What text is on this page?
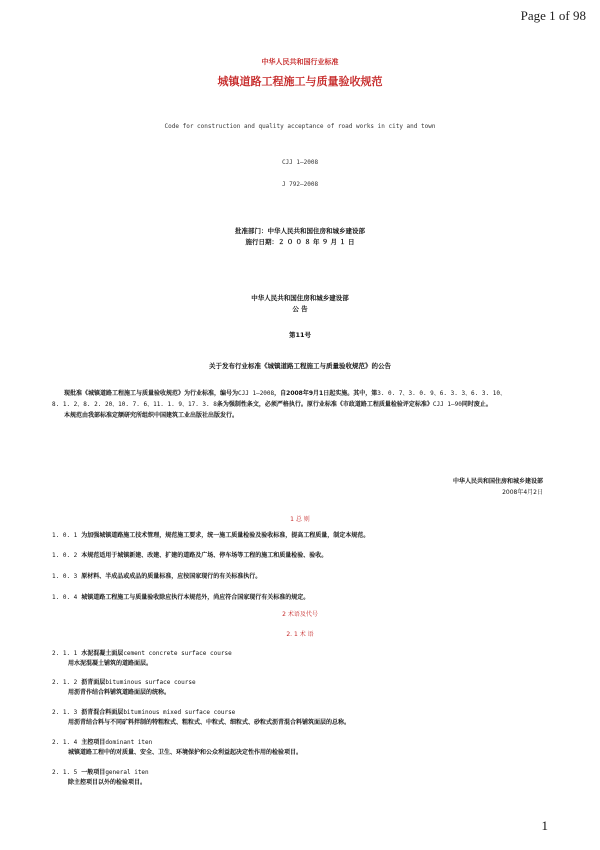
Page 1 of 98
中华人民共和国行业标准
城镇道路工程施工与质量验收规范
Code for construction and quality acceptance of road works in city and town
CJJ 1—2008
J 792—2008
批准部门：中华人民共和国住房和城乡建设部
施行日期：２ ０ ０ ８ 年 ９ 月 １ 日
中华人民共和国住房和城乡建设部
公 告
第11号
关于发布行业标准《城镇道路工程施工与质量验收规范》的公告
现批准《城镇道路工程施工与质量验收规范》为行业标准，编号为CJJ 1—2008，自2008年9月1日起实施。其中，第3. 0. 7、3. 0. 9、6. 3. 3、6. 3. 10、
8. 1. 2、8. 2. 20、10. 7. 6、11. 1. 9、17. 3. 8条为强制性条文，必须严格执行。原行业标准《市政道路工程质量检验评定标准》CJJ 1—90同时废止。
本规范由我部标准定额研究所组织中国建筑工业出版社出版发行。
中华人民共和国住房和城乡建设部
2008年4月2日
1 总 则
1. 0. 1 为加强城镇道路施工技术管理，规范施工要求，统一施工质量检验及验收标准，提高工程质量，制定本规范。
1. 0. 2 本规范适用于城镇新建、改建、扩建的道路及广场、停车场等工程的施工和质量检验、验收。
1. 0. 3 原材料、半成品或成品的质量标准，应按国家现行的有关标准执行。
1. 0. 4 城镇道路工程施工与质量验收除应执行本规范外，尚应符合国家现行有关标准的规定。
2 术语及代号
2. 1 术 语
2. 1. 1 水泥混凝土面层cement concrete surface course
用水泥混凝土铺筑的道路面层。
2. 1. 2 沥青面层bituminous surface course
用沥青作结合料铺筑道路面层的统称。
2. 1. 3 沥青混合料面层bituminous mixed surface course
用沥青结合料与不同矿料拌制的特粗粒式、粗粒式、中粒式、细粒式、砂粒式沥青混合料铺筑面层的总称。
2. 1. 4 主控项目dominant iten
城镇道路工程中的对质量、安全、卫生、环境保护和公众利益起决定性作用的检验项目。
2. 1. 5 一般项目general iten
除主控项目以外的检验项目。
1
